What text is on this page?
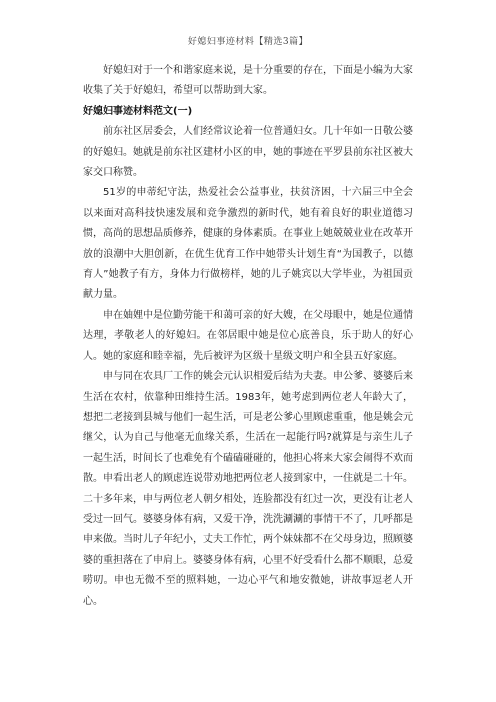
好媳妇事迹材料【精选3篇】

好媳妇对于一个和谐家庭来说，是十分重要的存在，下面是小编为大家收集了关于好媳妇，希望可以帮助到大家。

好媳妇事迹材料范文(一)

前东社区居委会，人们经常议论着一位普通妇女。几十年如一日敬公婆的好媳妇。她就是前东社区建材小区的申，她的事迹在平罗县前东社区被大家交口称赞。

51岁的申蒂纪守法，热爱社会公益事业，扶贫济困，十六届三中全会以来面对高科技快速发展和竞争激烈的新时代，她有着良好的职业道德习惯，高尚的思想品质修养，健康的身体素质。在事业上她兢兢业业在改革开放的浪潮中大胆创新，在优生优育工作中她带头计划生育“为国教子，以德育人”她教子有方，身体力行做榜样，她的儿子姚宾以大学毕业，为祖国贡献力量。

申在妯娌中是位勤劳能干和蔼可亲的好大嫂，在父母眼中，她是位通情达理，孝敬老人的好媳妇。在邻居眼中她是位心底善良，乐于助人的好心人。她的家庭和睦幸福，先后被评为区级十星级文明户和全县五好家庭。

申与同在农具厂工作的姚会元认识相爱后结为夫妻。申公爹、婆婆后来生活在农村，依靠种田维持生活。1983年，她考虑到两位老人年龄大了，想把二老接到县城与他们一起生活，可是老公爹心里顾虑重重，他是姚会元继父，认为自己与他毫无血缘关系，生活在一起能行吗?就算是与亲生儿子一起生活，时间长了也难免有个磕磕碰碰的，他担心将来大家会闹得不欢而散。申看出老人的顾虑连说带劝地把两位老人接到家中，一住就是二十年。二十多年来，申与两位老人朝夕相处，连脸都没有红过一次，更没有让老人受过一回气。婆婆身体有病，又爱干净，洗洗涮涮的事情干不了，几呼都是申来做。当时儿子年纪小，丈夫工作忙，两个妹妹都不在父母身边，照顾婆婆的重担落在了申肩上。婆婆身体有病，心里不好受看什么都不顺眼，总爱唠叨。申也无微不至的照料她，一边心平气和地安微她，讲故事逗老人开心。
